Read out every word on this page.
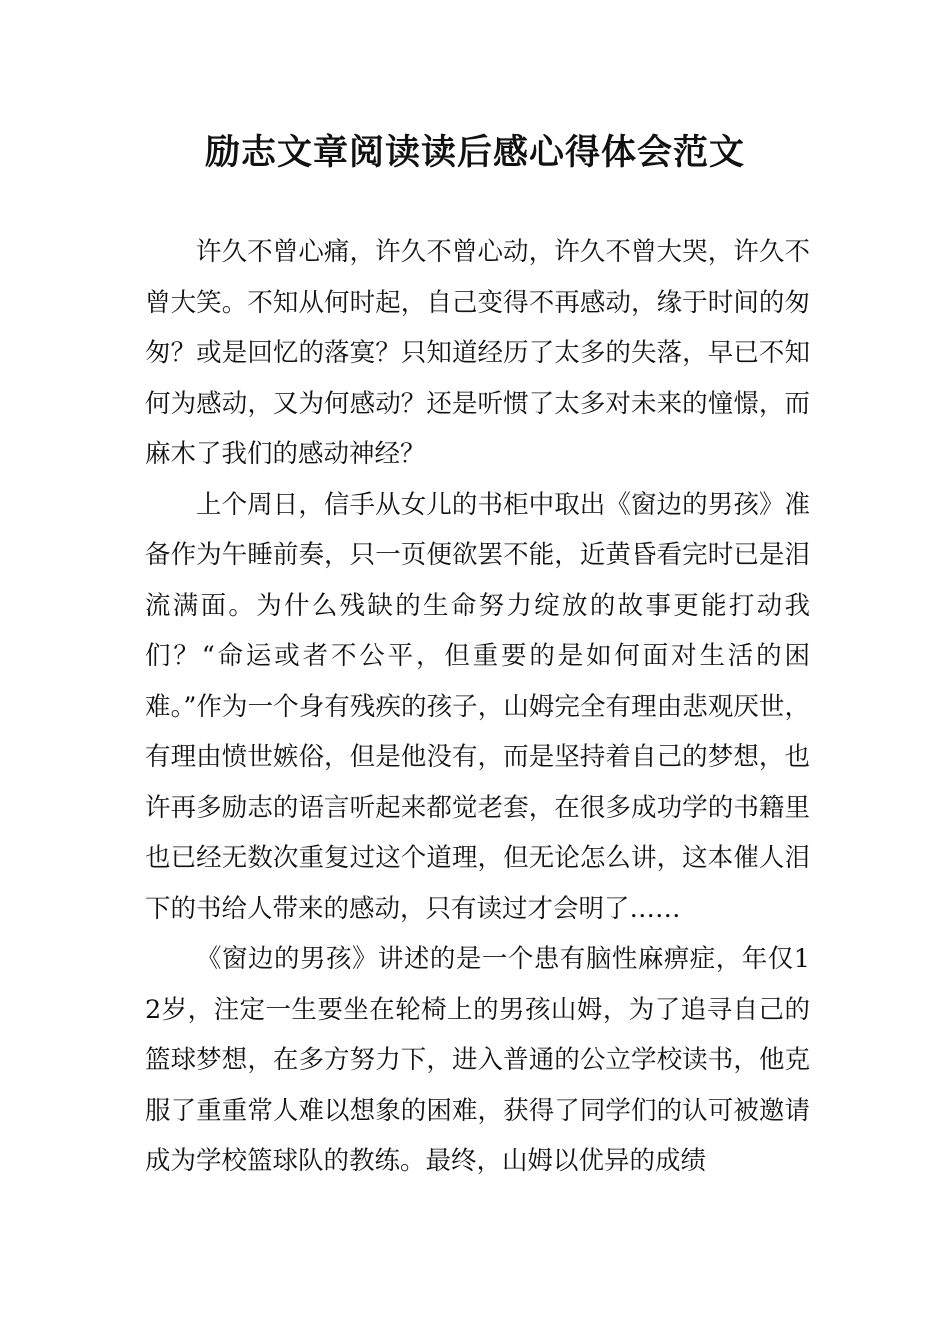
励志文章阅读读后感心得体会范文

许久不曾心痛，许久不曾心动，许久不曾大哭，许久不曾大笑。不知从何时起，自己变得不再感动，缘于时间的匆匆？或是回忆的落寞？只知道经历了太多的失落，早已不知何为感动，又为何感动？还是听惯了太多对未来的憧憬，而麻木了我们的感动神经？

上个周日，信手从女儿的书柜中取出《窗边的男孩》准备作为午睡前奏，只一页便欲罢不能，近黄昏看完时已是泪流满面。为什么残缺的生命努力绽放的故事更能打动我们？“命运或者不公平，但重要的是如何面对生活的困难。”作为一个身有残疾的孩子，山姆完全有理由悲观厌世，有理由愤世嫉俗，但是他没有，而是坚持着自己的梦想，也许再多励志的语言听起来都觉老套，在很多成功学的书籍里也已经无数次重复过这个道理，但无论怎么讲，这本催人泪下的书给人带来的感动，只有读过才会明了……

《窗边的男孩》讲述的是一个患有脑性麻痹症，年仅12岁，注定一生要坐在轮椅上的男孩山姆，为了追寻自己的篮球梦想，在多方努力下，进入普通的公立学校读书，他克服了重重常人难以想象的困难，获得了同学们的认可被邀请成为学校篮球队的教练。最终，山姆以优异的成绩
